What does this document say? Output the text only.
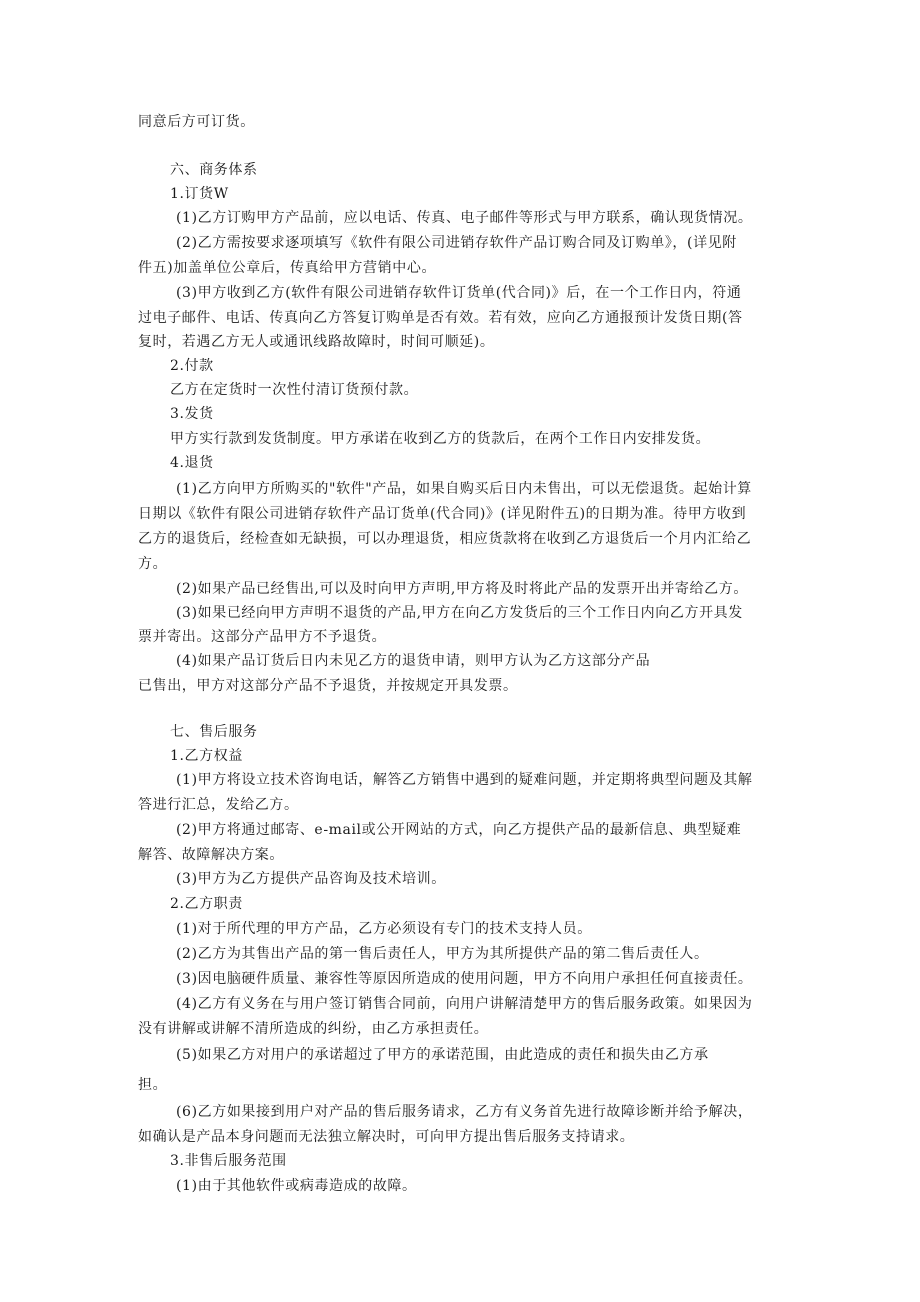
同意后方可订货。

六、商务体系

1.订货W

(1)乙方订购甲方产品前，应以电话、传真、电子邮件等形式与甲方联系，确认现货情况。

(2)乙方需按要求逐项填写《软件有限公司进销存软件产品订购合同及订购单》，(详见附

件五)加盖单位公章后，传真给甲方营销中心。

(3)甲方收到乙方(软件有限公司进销存软件订货单(代合同)》后，在一个工作日内，符通

过电子邮件、电话、传真向乙方答复订购单是否有效。若有效，应向乙方通报预计发货日期(答

复时，若遇乙方无人或通讯线路故障时，时间可顺延)。

2.付款

乙方在定货时一次性付清订货预付款。

3.发货

甲方实行款到发货制度。甲方承诺在收到乙方的货款后，在两个工作日内安排发货。

4.退货

(1)乙方向甲方所购买的"软件"产品，如果自购买后日内未售出，可以无偿退货。起始计算

日期以《软件有限公司进销存软件产品订货单(代合同)》(详见附件五)的日期为准。待甲方收到

乙方的退货后，经检查如无缺损，可以办理退货，相应货款将在收到乙方退货后一个月内汇给乙

方。

(2)如果产品已经售出,可以及时向甲方声明,甲方将及时将此产品的发票开出并寄给乙方。

(3)如果已经向甲方声明不退货的产品,甲方在向乙方发货后的三个工作日内向乙方开具发

票并寄出。这部分产品甲方不予退货。

(4)如果产品订货后日内未见乙方的退货申请，则甲方认为乙方这部分产品

已售出，甲方对这部分产品不予退货，并按规定开具发票。

七、售后服务

1.乙方权益

(1)甲方将设立技术咨询电话，解答乙方销售中遇到的疑难问题，并定期将典型问题及其解

答进行汇总，发给乙方。

(2)甲方将通过邮寄、e-mail或公开网站的方式，向乙方提供产品的最新信息、典型疑难

解答、故障解决方案。

(3)甲方为乙方提供产品咨询及技术培训。

2.乙方职责

(1)对于所代理的甲方产品，乙方必须设有专门的技术支持人员。

(2)乙方为其售出产品的第一售后责任人，甲方为其所提供产品的第二售后责任人。

(3)因电脑硬件质量、兼容性等原因所造成的使用问题，甲方不向用户承担任何直接责任。

(4)乙方有义务在与用户签订销售合同前，向用户讲解清楚甲方的售后服务政策。如果因为

没有讲解或讲解不清所造成的纠纷，由乙方承担责任。

(5)如果乙方对用户的承诺超过了甲方的承诺范围，由此造成的责任和损失由乙方承

担。

(6)乙方如果接到用户对产品的售后服务请求，乙方有义务首先进行故障诊断并给予解决，

如确认是产品本身问题而无法独立解决时，可向甲方提出售后服务支持请求。

3.非售后服务范围

(1)由于其他软件或病毒造成的故障。
